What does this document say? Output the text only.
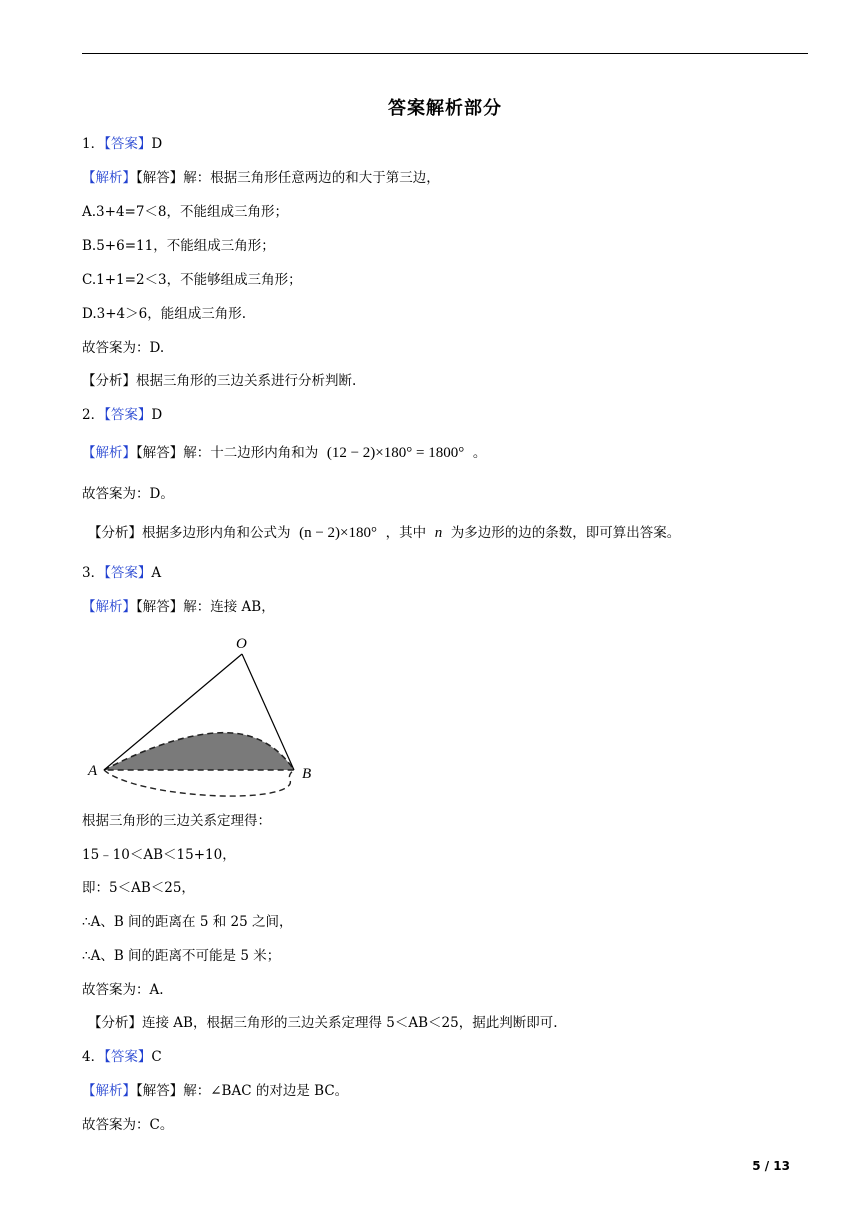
答案解析部分
1．【答案】D
【解析】【解答】解：根据三角形任意两边的和大于第三边，
A.3+4=7＜8，不能组成三角形；
B.5+6=11，不能组成三角形；
C.1+1=2＜3，不能够组成三角形；
D.3+4＞6，能组成三角形.
故答案为：D.
【分析】根据三角形的三边关系进行分析判断.
2．【答案】D
【解析】【解答】解：十二边形内角和为 (12 − 2)×180° = 1800° 。
故答案为：D。
【分析】根据多边形内角和公式为 (n − 2)×180° ，其中 n 为多边形的边的条数，即可算出答案。
3．【答案】A
【解析】【解答】解：连接 AB，
O
A	B
根据三角形的三边关系定理得：
15﹣10＜AB＜15+10，
即：5＜AB＜25，
∴A、B 间的距离在 5 和 25 之间，
∴A、B 间的距离不可能是 5 米；
故答案为：A.
【分析】连接 AB，根据三角形的三边关系定理得 5＜AB＜25，据此判断即可.
4．【答案】C
【解析】【解答】解：∠BAC 的对边是 BC。
故答案为：C。
5 / 13
